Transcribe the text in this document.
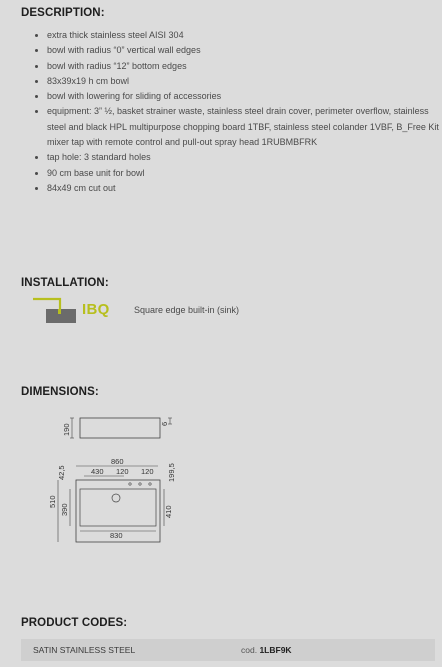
DESCRIPTION:
• extra thick stainless steel AISI 304
• bowl with radius “0” vertical wall edges
• bowl with radius “12” bottom edges
• 83x39x19 h cm bowl
• bowl with lowering for sliding of accessories
• equipment: 3” ½, basket strainer waste, stainless steel drain cover, perimeter overflow, stainless steel and black HPL multipurpose chopping board 1TBF, stainless steel colander 1VBF, B_Free Kit mixer tap with remote control and pull-out spray head 1RUBMBFRK
• tap hole: 3 standard holes
• 90 cm base unit for bowl
• 84x49 cm cut out
INSTALLATION:
IBQ	Square edge built-in (sink)
DIMENSIONS:
190	6
860
430 120 120
42,5	199,5
510
390	410
830
PRODUCT CODES:
SATIN STAINLESS STEEL	cod. 1LBF9K
